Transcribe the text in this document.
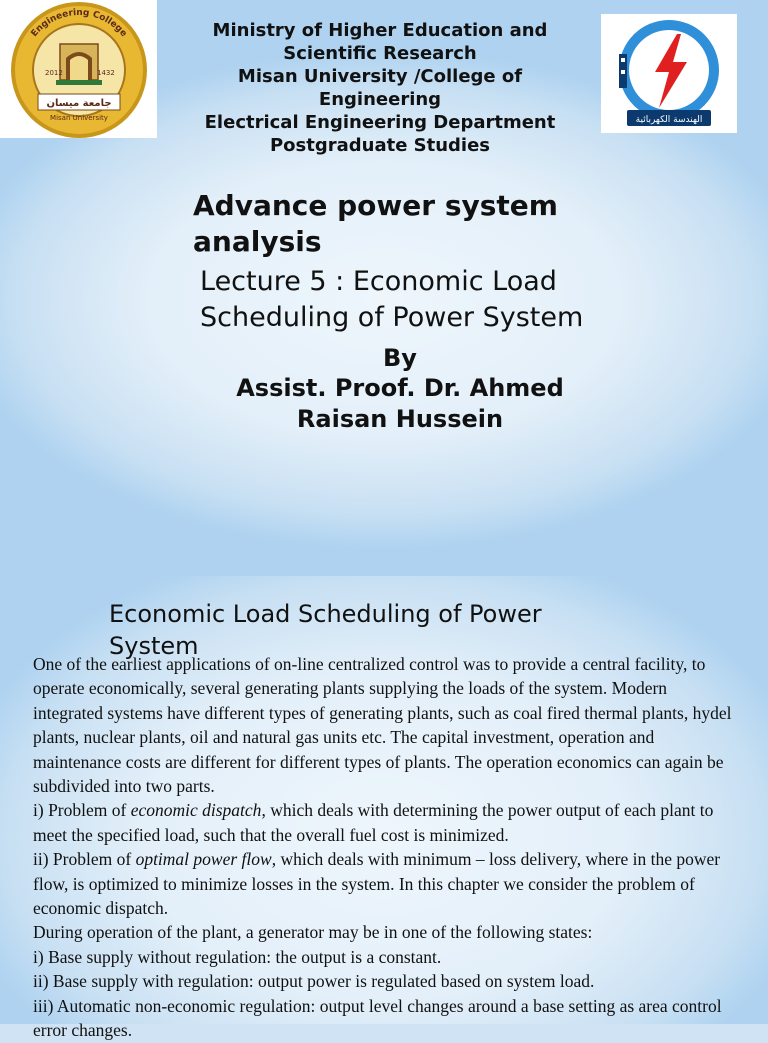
Engineering College
2012	1432
جامعة ميسان
Misan University	الهندسة الكهربائية
Ministry of Higher Education and
Scientific Research
Misan University /College of
Engineering
Electrical Engineering Department
Postgraduate Studies
Advance power system analysis
Lecture 5 : Economic Load Scheduling of Power System
By
Assist. Proof. Dr. Ahmed Raisan Hussein
Economic Load Scheduling of Power System

One of the earliest applications of on-line centralized control was to provide a central facility, to operate economically, several generating plants supplying the loads of the system. Modern integrated systems have different types of generating plants, such as coal fired thermal plants, hydel plants, nuclear plants, oil and natural gas units etc. The capital investment, operation and maintenance costs are different for different types of plants. The operation economics can again be subdivided into two parts.

i) Problem of economic dispatch, which deals with determining the power output of each plant to meet the specified load, such that the overall fuel cost is minimized.

ii) Problem of optimal power flow, which deals with minimum – loss delivery, where in the power flow, is optimized to minimize losses in the system. In this chapter we consider the problem of economic dispatch.

During operation of the plant, a generator may be in one of the following states:

i) Base supply without regulation: the output is a constant.

ii) Base supply with regulation: output power is regulated based on system load.

iii) Automatic non-economic regulation: output level changes around a base setting as area control error changes.
